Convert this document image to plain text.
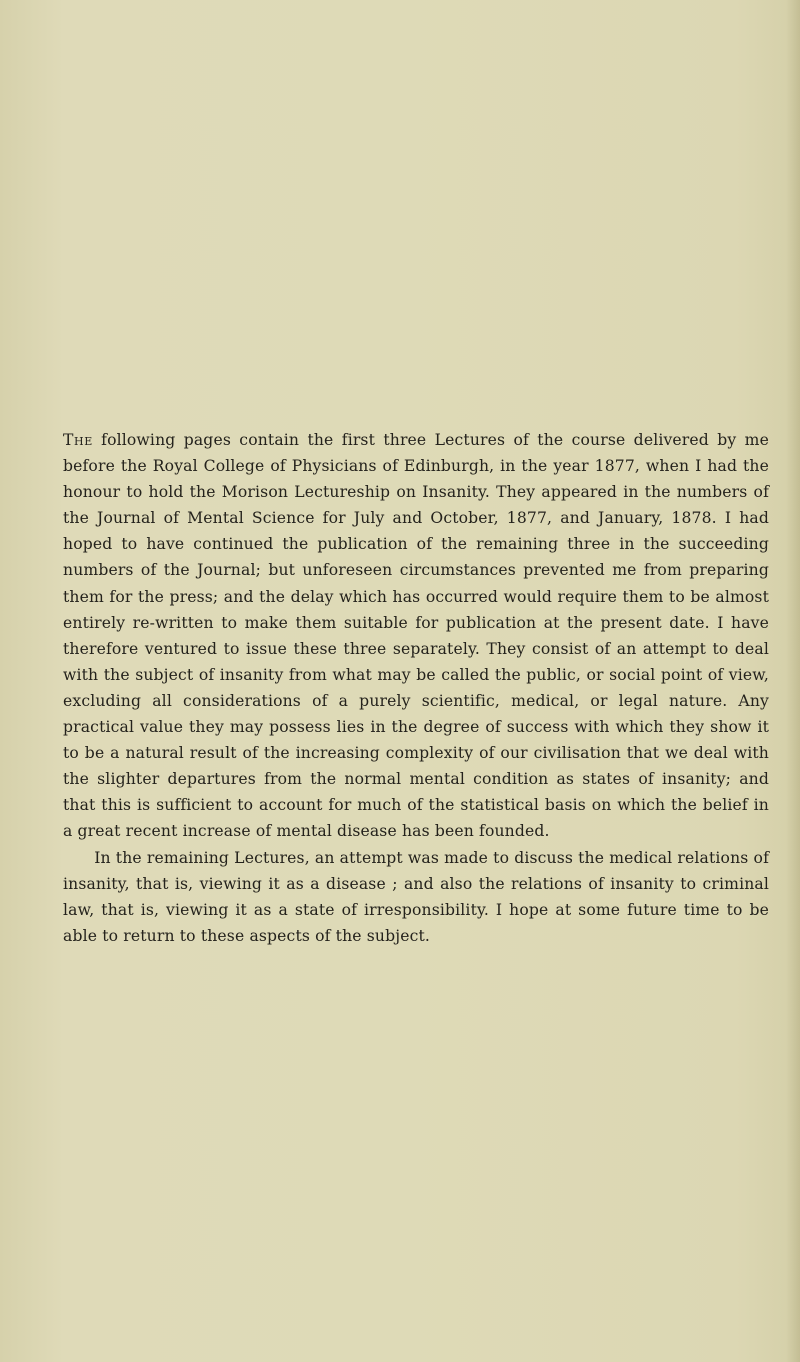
The following pages contain the first three Lectures of the course delivered by me before the Royal College of Physicians of Edinburgh, in the year 1877, when I had the honour to hold the Morison Lectureship on Insanity. They appeared in the numbers of the Journal of Mental Science for July and October, 1877, and January, 1878. I had hoped to have continued the publication of the remaining three in the succeeding numbers of the Journal; but unforeseen circumstances prevented me from preparing them for the press; and the delay which has occurred would require them to be almost entirely re-written to make them suitable for publication at the present date. I have therefore ventured to issue these three separately. They consist of an attempt to deal with the subject of insanity from what may be called the public, or social point of view, excluding all considerations of a purely scientific, medical, or legal nature. Any practical value they may possess lies in the degree of success with which they show it to be a natural result of the increasing complexity of our civilisation that we deal with the slighter departures from the normal mental condition as states of insanity; and that this is sufficient to account for much of the statistical basis on which the belief in a great recent increase of mental disease has been founded.

In the remaining Lectures, an attempt was made to discuss the medical relations of insanity, that is, viewing it as a disease ; and also the relations of insanity to criminal law, that is, viewing it as a state of irresponsibility. I hope at some future time to be able to return to these aspects of the subject.
